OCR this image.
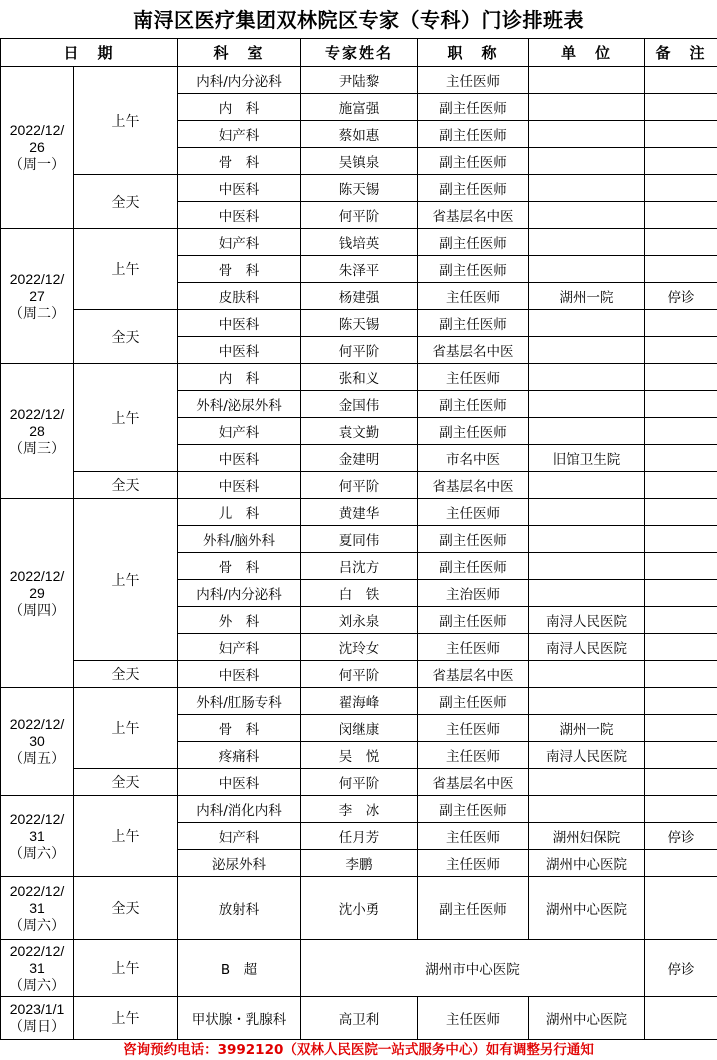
南浔区医疗集团双林院区专家（专科）门诊排班表
日　期		科　室	专家姓名	职　称	单　位	备　注

2022/12/
26
（周一）	上午	内科/内分泌科	尹陆黎	主任医师		
		内　科	施富强	副主任医师		
		妇产科	蔡如惠	副主任医师		
		骨　科	吴镇泉	副主任医师		
	全天	中医科	陈天锡	副主任医师		
		中医科	何平阶	省基层名中医		

2022/12/
27
（周二）	上午	妇产科	钱培英	副主任医师		
		骨　科	朱泽平	副主任医师		
		皮肤科	杨建强	主任医师	湖州一院	停诊
	全天	中医科	陈天锡	副主任医师		
		中医科	何平阶	省基层名中医		

2022/12/
28
（周三）	上午	内　科	张和义	主任医师		
		外科/泌尿外科	金国伟	副主任医师		
		妇产科	袁文勤	副主任医师		
		中医科	金建明	市名中医	旧馆卫生院	
	全天	中医科	何平阶	省基层名中医		

2022/12/
29
（周四）	上午	儿　科	黄建华	主任医师		
		外科/脑外科	夏同伟	副主任医师		
		骨　科	吕沈方	副主任医师		
		内科/内分泌科	白　铁	主治医师		
		外　科	刘永泉	副主任医师	南浔人民医院	
		妇产科	沈玲女	主任医师	南浔人民医院	
	全天	中医科	何平阶	省基层名中医		

2022/12/
30
（周五）	上午	外科/肛肠专科	翟海峰	副主任医师		
		骨　科	闵继康	主任医师	湖州一院	
		疼痛科	吴　悦	主任医师	南浔人民医院	
	全天	中医科	何平阶	省基层名中医		

2022/12/
31
（周六）	上午	内科/消化内科	李　冰	副主任医师		
		妇产科	任月芳	主任医师	湖州妇保院	停诊
		泌尿外科	李鹏	主任医师	湖州中心医院	

2022/12/
31
（周六）	全天	放射科	沈小勇	副主任医师	湖州中心医院	

2022/12/
31
（周六）	上午	B　超	湖州市中心医院			停诊

2023/1/1
（周日）	上午	甲状腺・乳腺科	高卫利	主任医师	湖州中心医院	
咨询预约电话：3992120（双林人民医院一站式服务中心）如有调整另行通知
